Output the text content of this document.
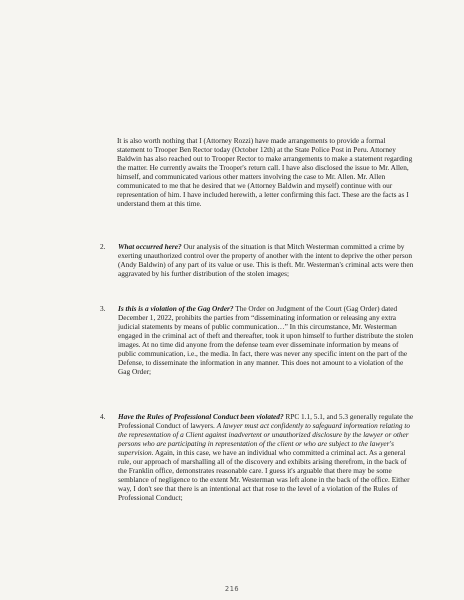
It is also worth nothing that I (Attorney Rozzi) have made arrangements to provide a formal statement to Trooper Ben Rector today (October 12th) at the State Police Post in Peru. Attorney Baldwin has also reached out to Trooper Rector to make arrangements to make a statement regarding the matter. He currently awaits the Trooper's return call. I have also disclosed the issue to Mr. Allen, himself, and communicated various other matters involving the case to Mr. Allen. Mr. Allen communicated to me that he desired that we (Attorney Baldwin and myself) continue with our representation of him. I have included herewith, a letter confirming this fact. These are the facts as I understand them at this time.

2.	What occurred here? Our analysis of the situation is that Mitch Westerman committed a crime by exerting unauthorized control over the property of another with the intent to deprive the other person (Andy Baldwin) of any part of its value or use. This is theft. Mr. Westerman's criminal acts were then aggravated by his further distribution of the stolen images;

3.	Is this is a violation of the Gag Order? The Order on Judgment of the Court (Gag Order) dated December 1, 2022, prohibits the parties from “disseminating information or releasing any extra judicial statements by means of public communication…” In this circumstance, Mr. Westerman engaged in the criminal act of theft and thereafter, took it upon himself to further distribute the stolen images. At no time did anyone from the defense team ever disseminate information by means of public communication, i.e., the media. In fact, there was never any specific intent on the part of the Defense, to disseminate the information in any manner. This does not amount to a violation of the Gag Order;

4.	Have the Rules of Professional Conduct been violated? RPC 1.1, 5.1, and 5.3 generally regulate the Professional Conduct of lawyers. A lawyer must act confidently to safeguard information relating to the representation of a Client against inadvertent or unauthorized disclosure by the lawyer or other persons who are participating in representation of the client or who are subject to the lawyer's supervision. Again, in this case, we have an individual who committed a criminal act. As a general rule, our approach of marshalling all of the discovery and exhibits arising therefrom, in the back of the Franklin office, demonstrates reasonable care. I guess it's arguable that there may be some semblance of negligence to the extent Mr. Westerman was left alone in the back of the office. Either way, I don't see that there is an intentional act that rose to the level of a violation of the Rules of Professional Conduct;

216
